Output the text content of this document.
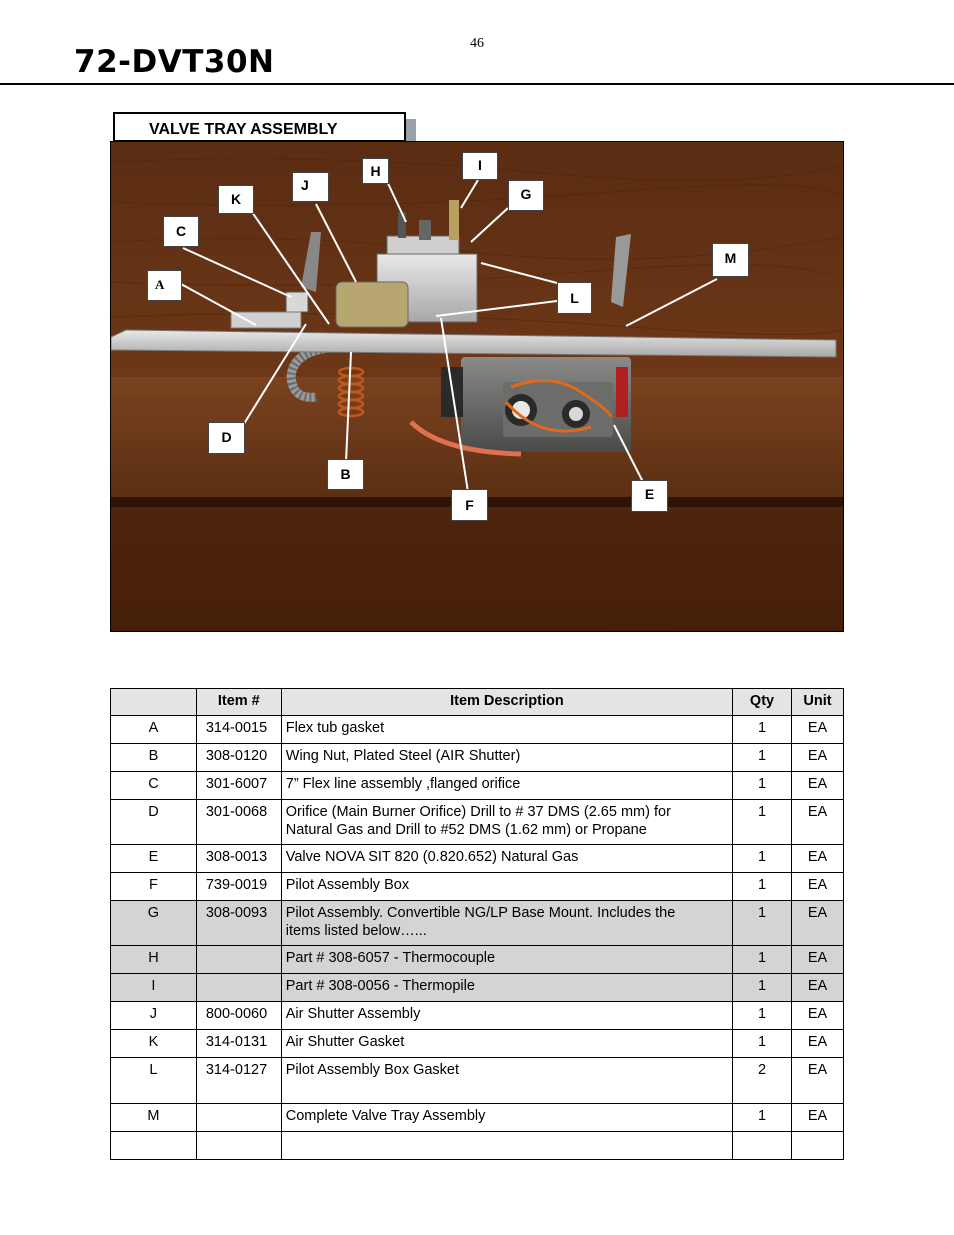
46
72-DVT30N
VALVE TRAY ASSEMBLY
I
H
J
G
K
C
M
A
L
D
B
F
E
	Item #	Item Description	Qty	Unit
A	314-0015	Flex tub gasket	1	EA
B	308-0120	Wing Nut, Plated Steel (AIR Shutter)	1	EA
C	301-6007	7” Flex line assembly ,flanged orifice	1	EA
D	301-0068	Orifice (Main Burner Orifice) Drill to # 37 DMS (2.65 mm) for
Natural Gas and Drill to #52 DMS (1.62 mm) or Propane	1	EA
E	308-0013	Valve NOVA SIT 820 (0.820.652) Natural Gas	1	EA
F	739-0019	Pilot Assembly Box	1	EA
G	308-0093	Pilot Assembly. Convertible NG/LP Base Mount. Includes the
items listed below…...	1	EA
H		Part # 308-6057 - Thermocouple	1	EA
I		Part # 308-0056 - Thermopile	1	EA
J	800-0060	Air Shutter Assembly	1	EA
K	314-0131	Air Shutter Gasket	1	EA
L	314-0127	Pilot Assembly Box Gasket	2	EA
M		Complete Valve Tray Assembly	1	EA
